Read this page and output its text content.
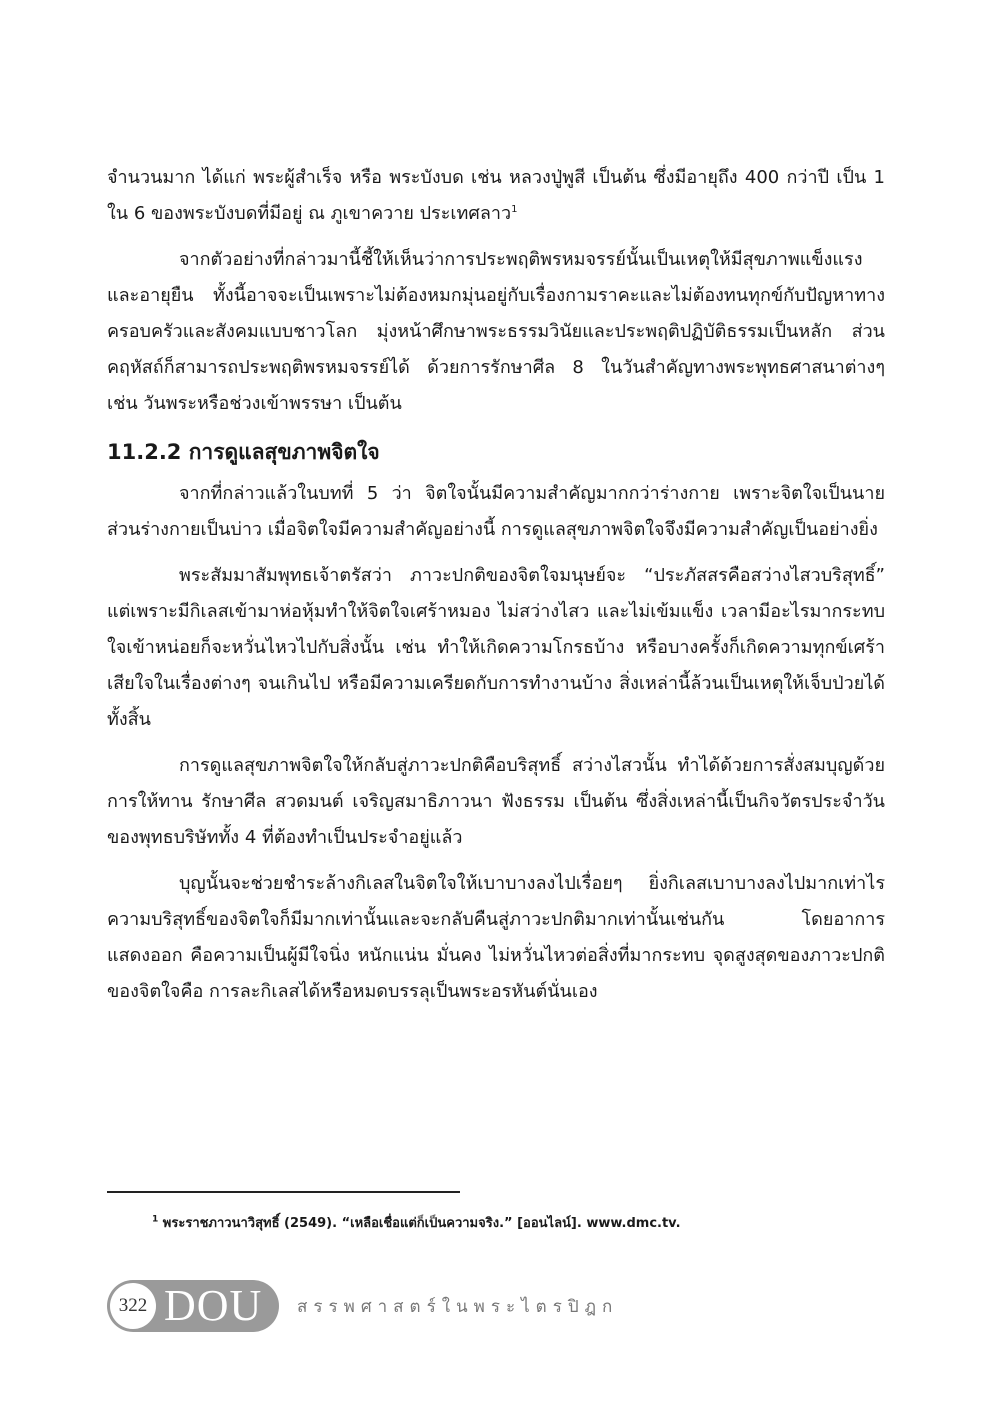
จำนวนมาก ได้แก่ พระผู้สำเร็จ หรือ พระบังบด เช่น หลวงปู่พูสี เป็นต้น ซึ่งมีอายุถึง 400 กว่าปี เป็น 1 ใน 6 ของพระบังบดที่มีอยู่ ณ ภูเขาควาย ประเทศลาว$^1$

จากตัวอย่างที่กล่าวมานี้ชี้ให้เห็นว่าการประพฤติพรหมจรรย์นั้นเป็นเหตุให้มีสุขภาพแข็งแรงและอายุยืน ทั้งนี้อาจจะเป็นเพราะไม่ต้องหมกมุ่นอยู่กับเรื่องกามราคะและไม่ต้องทนทุกข์กับปัญหาทางครอบครัวและสังคมแบบชาวโลก มุ่งหน้าศึกษาพระธรรมวินัยและประพฤติปฏิบัติธรรมเป็นหลัก ส่วนคฤหัสถ์ก็สามารถประพฤติพรหมจรรย์ได้ ด้วยการรักษาศีล 8 ในวันสำคัญทางพระพุทธศาสนาต่างๆ เช่น วันพระหรือช่วงเข้าพรรษา เป็นต้น

11.2.2 การดูแลสุขภาพจิตใจ

จากที่กล่าวแล้วในบทที่ 5 ว่า จิตใจนั้นมีความสำคัญมากกว่าร่างกาย เพราะจิตใจเป็นนาย ส่วนร่างกายเป็นบ่าว เมื่อจิตใจมีความสำคัญอย่างนี้ การดูแลสุขภาพจิตใจจึงมีความสำคัญเป็นอย่างยิ่ง

พระสัมมาสัมพุทธเจ้าตรัสว่า ภาวะปกติของจิตใจมนุษย์จะ “ประภัสสรคือสว่างไสวบริสุทธิ์” แต่เพราะมีกิเลสเข้ามาห่อหุ้มทำให้จิตใจเศร้าหมอง ไม่สว่างไสว และไม่เข้มแข็ง เวลามีอะไรมากระทบใจเข้าหน่อยก็จะหวั่นไหวไปกับสิ่งนั้น เช่น ทำให้เกิดความโกรธบ้าง หรือบางครั้งก็เกิดความทุกข์เศร้าเสียใจในเรื่องต่างๆ จนเกินไป หรือมีความเครียดกับการทำงานบ้าง สิ่งเหล่านี้ล้วนเป็นเหตุให้เจ็บป่วยได้ทั้งสิ้น

การดูแลสุขภาพจิตใจให้กลับสู่ภาวะปกติคือบริสุทธิ์ สว่างไสวนั้น ทำได้ด้วยการสั่งสมบุญด้วยการให้ทาน รักษาศีล สวดมนต์ เจริญสมาธิภาวนา ฟังธรรม เป็นต้น ซึ่งสิ่งเหล่านี้เป็นกิจวัตรประจำวันของพุทธบริษัททั้ง 4 ที่ต้องทำเป็นประจำอยู่แล้ว

บุญนั้นจะช่วยชำระล้างกิเลสในจิตใจให้เบาบางลงไปเรื่อยๆ ยิ่งกิเลสเบาบางลงไปมากเท่าไร ความบริสุทธิ์ของจิตใจก็มีมากเท่านั้นและจะกลับคืนสู่ภาวะปกติมากเท่านั้นเช่นกัน โดยอาการแสดงออก คือความเป็นผู้มีใจนิ่ง หนักแน่น มั่นคง ไม่หวั่นไหวต่อสิ่งที่มากระทบ จุดสูงสุดของภาวะปกติของจิตใจคือ การละกิเลสได้หรือหมดบรรลุเป็นพระอรหันต์นั่นเอง

$^1$ พระราชภาวนาวิสุทธิ์ (2549). “เหลือเชื่อแต่ก็เป็นความจริง.” [ออนไลน์]. www.dmc.tv.
322 DOU สรรพศาสตร์ในพระไตรปิฎก
